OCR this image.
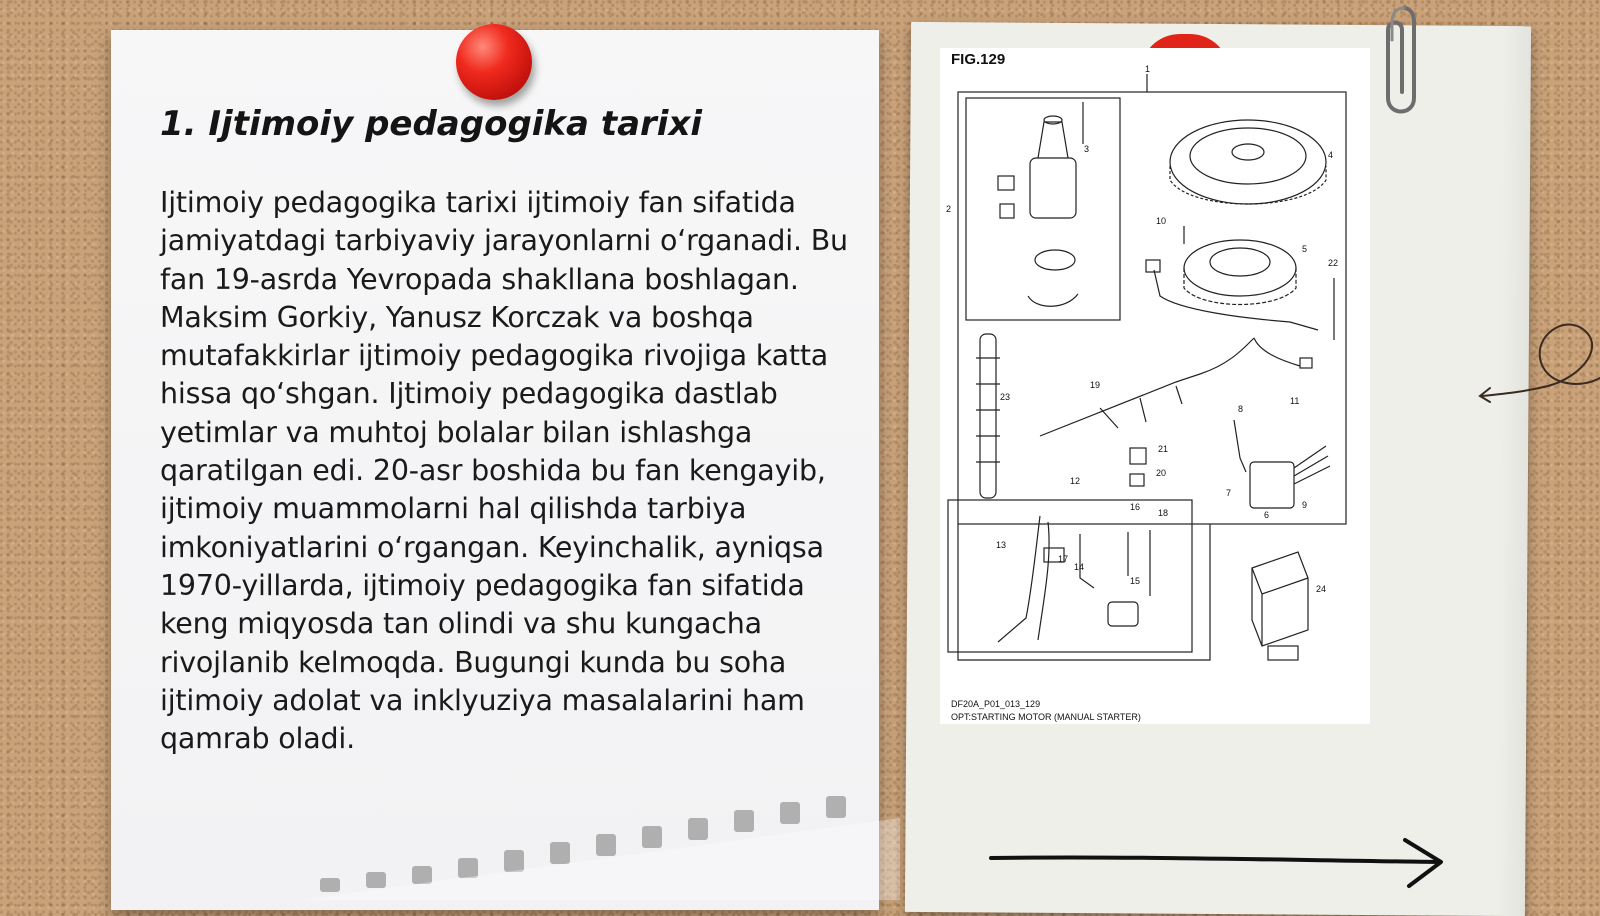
1. Ijtimoiy pedagogika tarixi

Ijtimoiy pedagogika tarixi ijtimoiy fan sifatida jamiyatdagi tarbiyaviy jarayonlarni o‘rganadi. Bu fan 19-asrda Yevropada shakllana boshlagan. Maksim Gorkiy, Yanusz Korczak va boshqa mutafakkirlar ijtimoiy pedagogika rivojiga katta hissa qo‘shgan. Ijtimoiy pedagogika dastlab yetimlar va muhtoj bolalar bilan ishlashga qaratilgan edi. 20-asr boshida bu fan kengayib, ijtimoiy muammolarni hal qilishda tarbiya imkoniyatlarini o‘rgangan. Keyinchalik, ayniqsa 1970-yillarda, ijtimoiy pedagogika fan sifatida keng miqyosda tan olindi va shu kungacha rivojlanib kelmoqda. Bugungi kunda bu soha ijtimoiy adolat va inklyuziya masalalarini ham qamrab oladi.

1
2
3
4
5
6
7
8
9
10
11
12
13
14
15
16
17
18
19
20
21
22
23
24
FIG.129
DF20A_P01_013_129
OPT:STARTING MOTOR (MANUAL STARTER)
